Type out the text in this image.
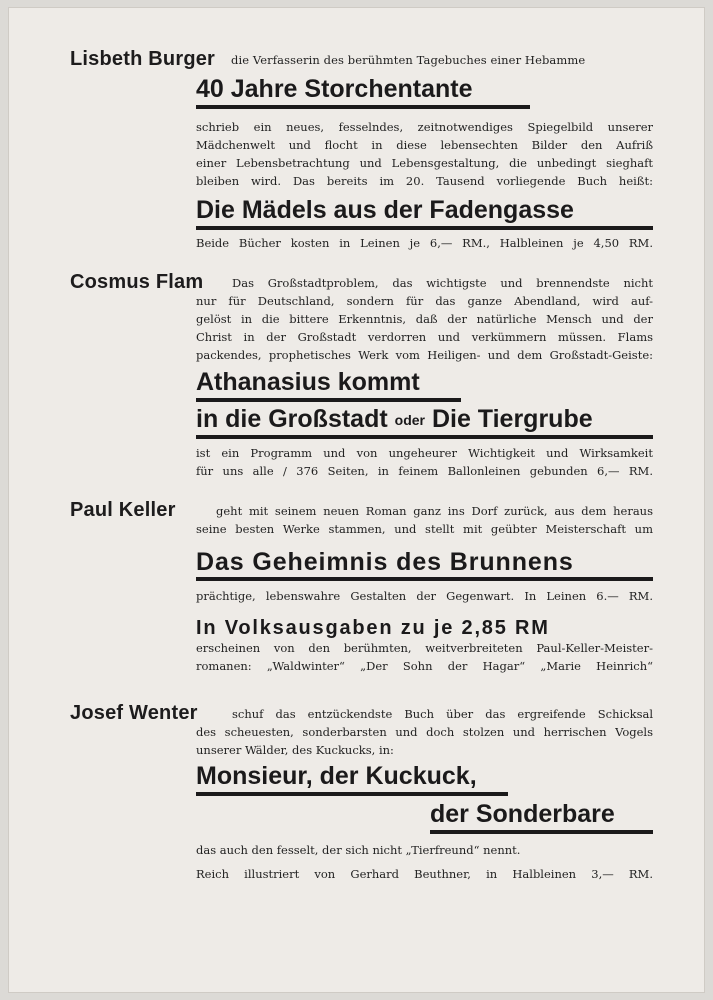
Lisbeth Burger die Verfasserin des berühmten Tagebuches einer Hebamme
40 Jahre Storchentante
schrieb ein neues, fesselndes, zeitnotwendiges Spiegelbild unserer
Mädchenwelt und flocht in diese lebensechten Bilder den Aufriß
einer Lebensbetrachtung und Lebensgestaltung, die unbedingt sieghaft
bleiben wird. Das bereits im 20. Tausend vorliegende Buch heißt:
Die Mädels aus der Fadengasse
Beide Bücher kosten in Leinen je 6,— RM., Halbleinen je 4,50 RM.
Cosmus Flam Das Großstadtproblem, das wichtigste und brennendste nicht
nur für Deutschland, sondern für das ganze Abendland, wird auf-
gelöst in die bittere Erkenntnis, daß der natürliche Mensch und der
Christ in der Großstadt verdorren und verkümmern müssen. Flams
packendes, prophetisches Werk vom Heiligen- und dem Großstadt-Geiste:
Athanasius kommt
in die Großstadt oder Die Tiergrube
ist ein Programm und von ungeheurer Wichtigkeit und Wirksamkeit
für uns alle / 376 Seiten, in feinem Ballonleinen gebunden 6,— RM.
Paul Keller	geht mit seinem neuen Roman ganz ins Dorf zurück, aus dem heraus
seine besten Werke stammen, und stellt mit geübter Meisterschaft um
Das Geheimnis des Brunnens
prächtige, lebenswahre Gestalten der Gegenwart. In Leinen 6.— RM.
In Volksausgaben zu je 2,85 RM
erscheinen von den berühmten, weitverbreiteten Paul-Keller-Meister-
romanen: „Waldwinter“ „Der Sohn der Hagar“ „Marie Heinrich“
Josef Wenter	schuf das entzückendste Buch über das ergreifende Schicksal
des scheuesten, sonderbarsten und doch stolzen und herrischen Vogels
unserer Wälder, des Kuckucks, in:
Monsieur, der Kuckuck,
der Sonderbare
das auch den fesselt, der sich nicht „Tierfreund“ nennt.
Reich illustriert von Gerhard Beuthner, in Halbleinen 3,— RM.
